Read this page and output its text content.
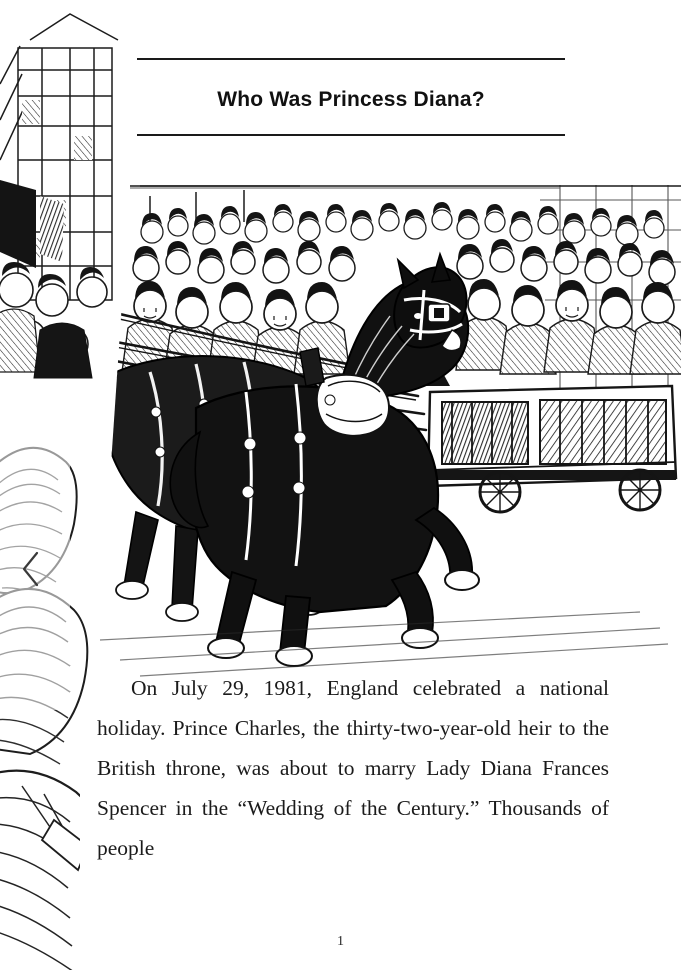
Who Was Princess Diana?
On July 29, 1981, England celebrated a national holiday. Prince Charles, the thirty-two-year-old heir to the British throne, was about to marry Lady Diana Frances Spencer in the “Wedding of the Century.” Thousands of people
1
